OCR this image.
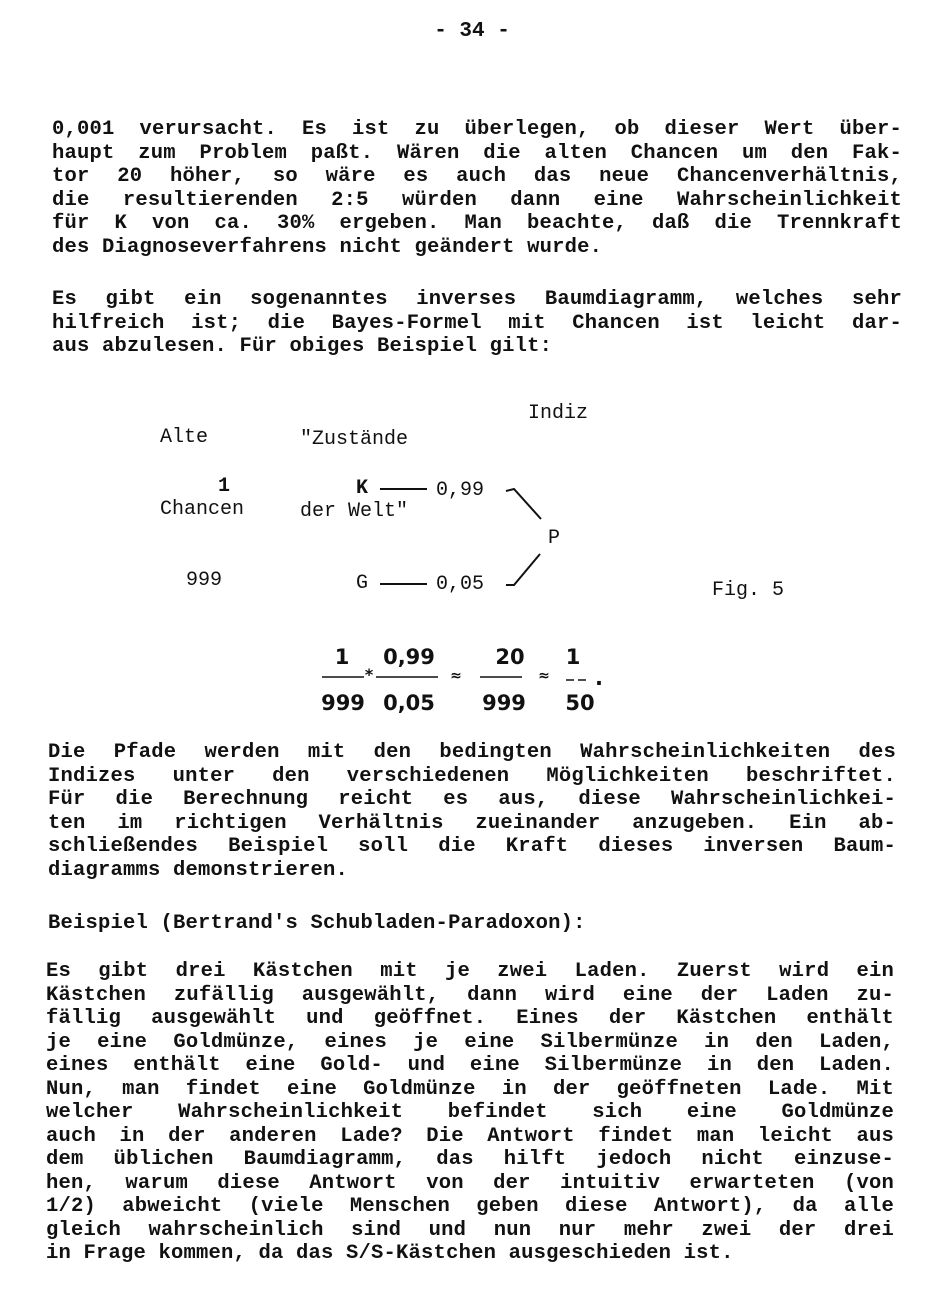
- 34 -
0,001 verursacht. Es ist zu überlegen, ob dieser Wert über-
haupt zum Problem paßt. Wären die alten Chancen um den Fak-
tor 20 höher, so wäre es auch das neue Chancenverhältnis,
die resultierenden 2:5 würden dann eine Wahrscheinlichkeit
für K von ca. 30% ergeben. Man beachte, daß die Trennkraft
des Diagnoseverfahrens nicht geändert wurde.
Es gibt ein sogenanntes inverses Baumdiagramm, welches sehr
hilfreich ist; die Bayes-Formel mit Chancen ist leicht dar-
aus abzulesen. Für obiges Beispiel gilt:

Alte

Chancen

"Zustände

der Welt"

Indiz
1	K	0,99
P
999	G	0,05	Fig. 5
1
999
*
0,99
0,05
≈
20
999
≈
1
50
.
Die Pfade werden mit den bedingten Wahrscheinlichkeiten des
Indizes unter den verschiedenen Möglichkeiten beschriftet.
Für die Berechnung reicht es aus, diese Wahrscheinlichkei-
ten im richtigen Verhältnis zueinander anzugeben. Ein ab-
schließendes Beispiel soll die Kraft dieses inversen Baum-
diagramms demonstrieren.
Beispiel (Bertrand's Schubladen-Paradoxon):
Es gibt drei Kästchen mit je zwei Laden. Zuerst wird ein
Kästchen zufällig ausgewählt, dann wird eine der Laden zu-
fällig ausgewählt und geöffnet. Eines der Kästchen enthält
je eine Goldmünze, eines je eine Silbermünze in den Laden,
eines enthält eine Gold- und eine Silbermünze in den Laden.
Nun, man findet eine Goldmünze in der geöffneten Lade. Mit
welcher Wahrscheinlichkeit befindet sich eine Goldmünze
auch in der anderen Lade? Die Antwort findet man leicht aus
dem üblichen Baumdiagramm, das hilft jedoch nicht einzuse-
hen, warum diese Antwort von der intuitiv erwarteten (von
1/2) abweicht (viele Menschen geben diese Antwort), da alle
gleich wahrscheinlich sind und nun nur mehr zwei der drei
in Frage kommen, da das S/S-Kästchen ausgeschieden ist.
